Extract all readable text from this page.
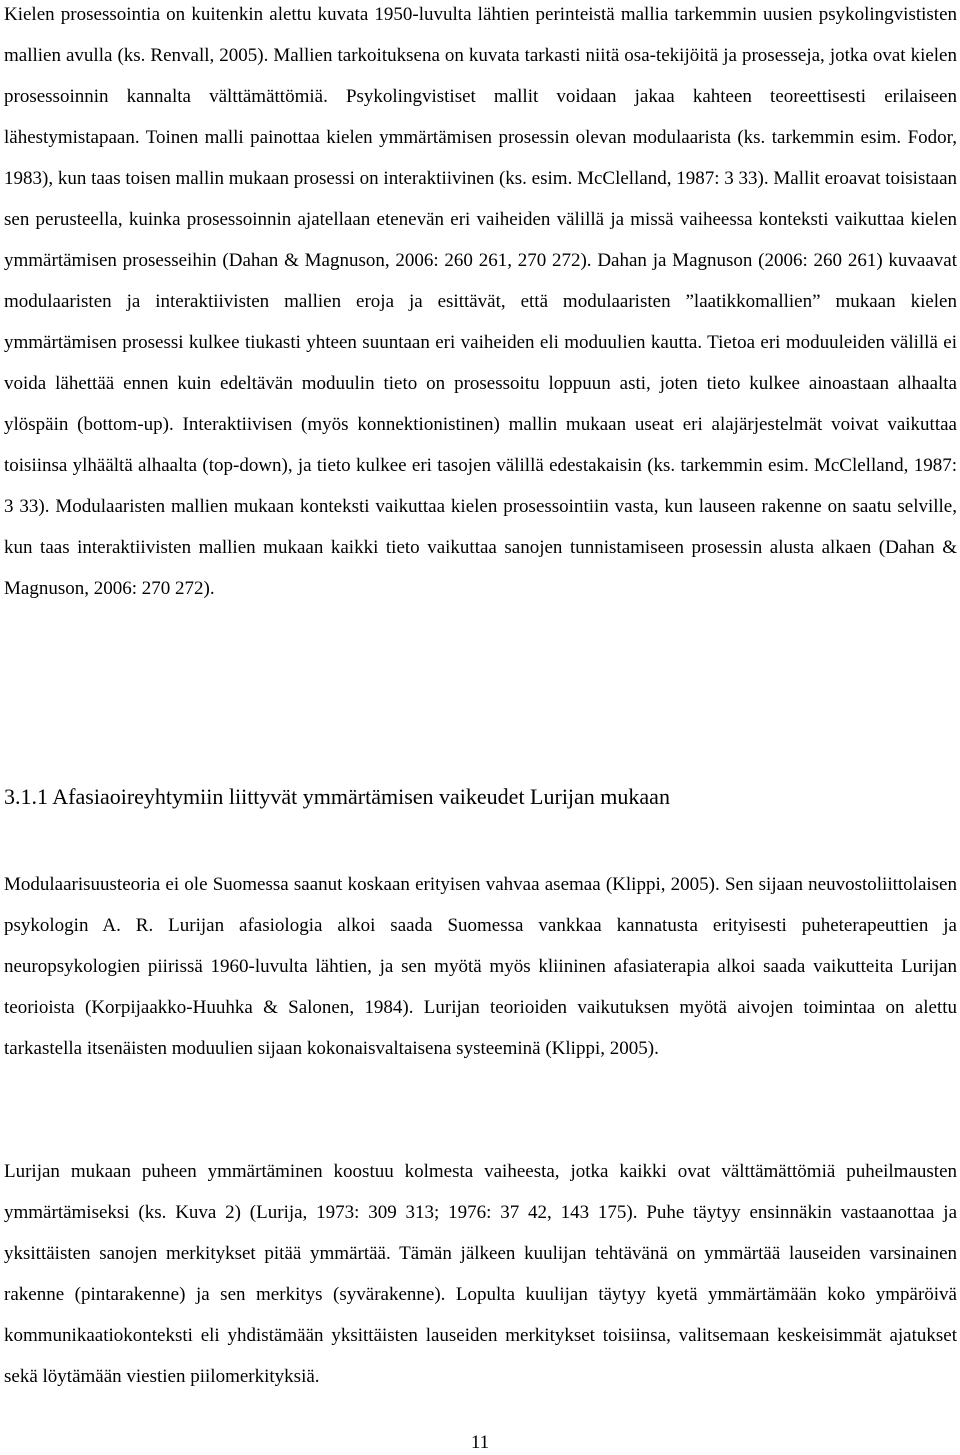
Kielen prosessointia on kuitenkin alettu kuvata 1950-luvulta lähtien perinteistä mallia tarkemmin uusien psykolingvististen mallien avulla (ks. Renvall, 2005). Mallien tarkoituksena on kuvata tarkasti niitä osa-tekijöitä ja prosesseja, jotka ovat kielen prosessoinnin kannalta välttämättömiä. Psykolingvistiset mallit voidaan jakaa kahteen teoreettisesti erilaiseen lähestymistapaan. Toinen malli painottaa kielen ymmärtämisen prosessin olevan modulaarista (ks. tarkemmin esim. Fodor, 1983), kun taas toisen mallin mukaan prosessi on interaktiivinen (ks. esim. McClelland, 1987: 3 33). Mallit eroavat toisistaan sen perusteella, kuinka prosessoinnin ajatellaan etenevän eri vaiheiden välillä ja missä vaiheessa konteksti vaikuttaa kielen ymmärtämisen prosesseihin (Dahan & Magnuson, 2006: 260 261, 270 272). Dahan ja Magnuson (2006: 260 261) kuvaavat modulaaristen ja interaktiivisten mallien eroja ja esittävät, että modulaaristen ”laatikkomallien” mukaan kielen ymmärtämisen prosessi kulkee tiukasti yhteen suuntaan eri vaiheiden eli moduulien kautta. Tietoa eri moduuleiden välillä ei voida lähettää ennen kuin edeltävän moduulin tieto on prosessoitu loppuun asti, joten tieto kulkee ainoastaan alhaalta ylöspäin (bottom-up). Interaktiivisen (myös konnektionistinen) mallin mukaan useat eri alajärjestelmät voivat vaikuttaa toisiinsa ylhäältä alhaalta (top-down), ja tieto kulkee eri tasojen välillä edestakaisin (ks. tarkemmin esim. McClelland, 1987: 3 33). Modulaaristen mallien mukaan konteksti vaikuttaa kielen prosessointiin vasta, kun lauseen rakenne on saatu selville, kun taas interaktiivisten mallien mukaan kaikki tieto vaikuttaa sanojen tunnistamiseen prosessin alusta alkaen (Dahan & Magnuson, 2006: 270 272).

3.1.1 Afasiaoireyhtymiin liittyvät ymmärtämisen vaikeudet Lurijan mukaan

Modulaarisuusteoria ei ole Suomessa saanut koskaan erityisen vahvaa asemaa (Klippi, 2005). Sen sijaan neuvostoliittolaisen psykologin A. R. Lurijan afasiologia alkoi saada Suomessa vankkaa kannatusta erityisesti puheterapeuttien ja neuropsykologien piirissä 1960-luvulta lähtien, ja sen myötä myös kliininen afasiaterapia alkoi saada vaikutteita Lurijan teorioista (Korpijaakko-Huuhka & Salonen, 1984). Lurijan teorioiden vaikutuksen myötä aivojen toimintaa on alettu tarkastella itsenäisten moduulien sijaan kokonaisvaltaisena systeeminä (Klippi, 2005).

Lurijan mukaan puheen ymmärtäminen koostuu kolmesta vaiheesta, jotka kaikki ovat välttämättömiä puheilmausten ymmärtämiseksi (ks. Kuva 2) (Lurija, 1973: 309 313; 1976: 37 42, 143 175). Puhe täytyy ensinnäkin vastaanottaa ja yksittäisten sanojen merkitykset pitää ymmärtää. Tämän jälkeen kuulijan tehtävänä on ymmärtää lauseiden varsinainen rakenne (pintarakenne) ja sen merkitys (syvärakenne). Lopulta kuulijan täytyy kyetä ymmärtämään koko ympäröivä kommunikaatiokonteksti eli yhdistämään yksittäisten lauseiden merkitykset toisiinsa, valitsemaan keskeisimmät ajatukset sekä löytämään viestien piilomerkityksiä.

11
